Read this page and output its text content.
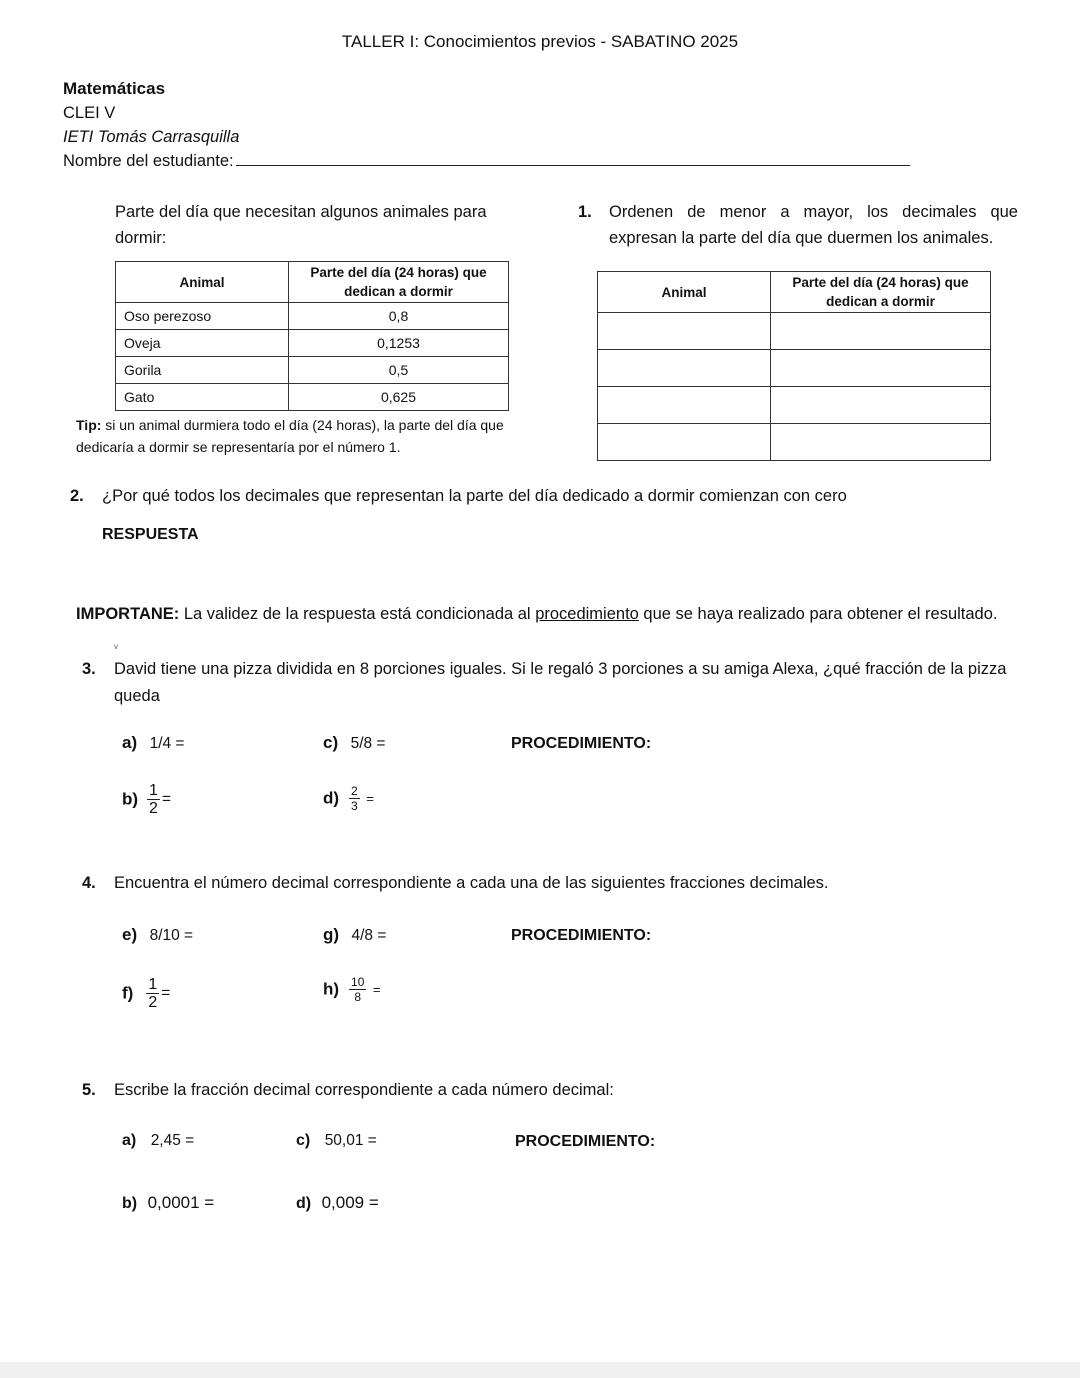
TALLER I: Conocimientos previos - SABATINO 2025
Matemáticas
CLEI V
IETI Tomás Carrasquilla
Nombre del estudiante:
Parte del día que necesitan algunos animales para dormir:
1. Ordenen de menor a mayor, los decimales que expresan la parte del día que duermen los animales.
Animal	Parte del día (24 horas) que dedican a dormir
Oso perezoso	0,8
Oveja	0,1253
Gorila	0,5
Gato	0,625
Animal	Parte del día (24 horas) que dedican a dormir

Tip: si un animal durmiera todo el día (24 horas), la parte del día que dedicaría a dormir se representaría por el número 1.
2. ¿Por qué todos los decimales que representan la parte del día dedicado a dormir comienzan con cero
RESPUESTA
IMPORTANE: La validez de la respuesta está condicionada al procedimiento que se haya realizado para obtener el resultado.
v
3. David tiene una pizza dividida en 8 porciones iguales. Si le regaló 3 porciones a su amiga Alexa, ¿qué fracción de la pizza queda
a) 1/4 =	c) 5/8 =	PROCEDIMIENTO:
$b) \frac{1}{2}$ =	$d) \frac{2}{3}$ =
4. Encuentra el número decimal correspondiente a cada una de las siguientes fracciones decimales.
e) 8/10 =	g) 4/8 =	PROCEDIMIENTO:
$f) \frac{1}{2}$ =	$h) \frac{10}{8}$ =
5. Escribe la fracción decimal correspondiente a cada número decimal:
a) 2,45 =	c) 50,01 =	PROCEDIMIENTO:
b) 0,0001 =	d) 0,009 =
